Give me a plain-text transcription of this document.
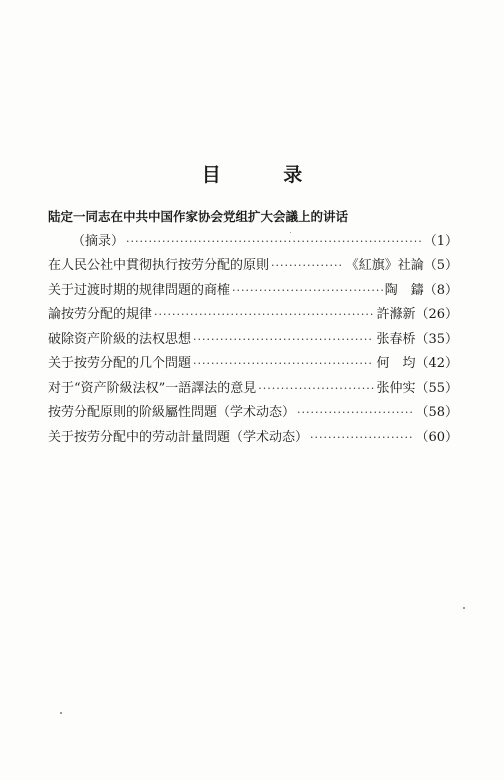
目 录
陆定一同志在中共中国作家协会党组扩大会議上的讲话
（摘录） ·····	（1）
在人民公社中貫彻执行按劳分配的原則 ·····	《紅旗》社論 （5）
关于过渡时期的规律問題的商榷 ·····	陶　鑄 （8）
論按劳分配的規律 ·····	許滌新 （26）
破除资产阶級的法权思想 ·····	张春桥 （35）
关于按劳分配的几个問題 ·····	何　均 （42）
对于“资产阶級法权”一語譯法的意見 ·····	张仲实 （55）
按劳分配原則的阶級屬性問題（学术动态） ·····	（58）
关于按劳分配中的劳动計量問題（学术动态） ·····	（60）
